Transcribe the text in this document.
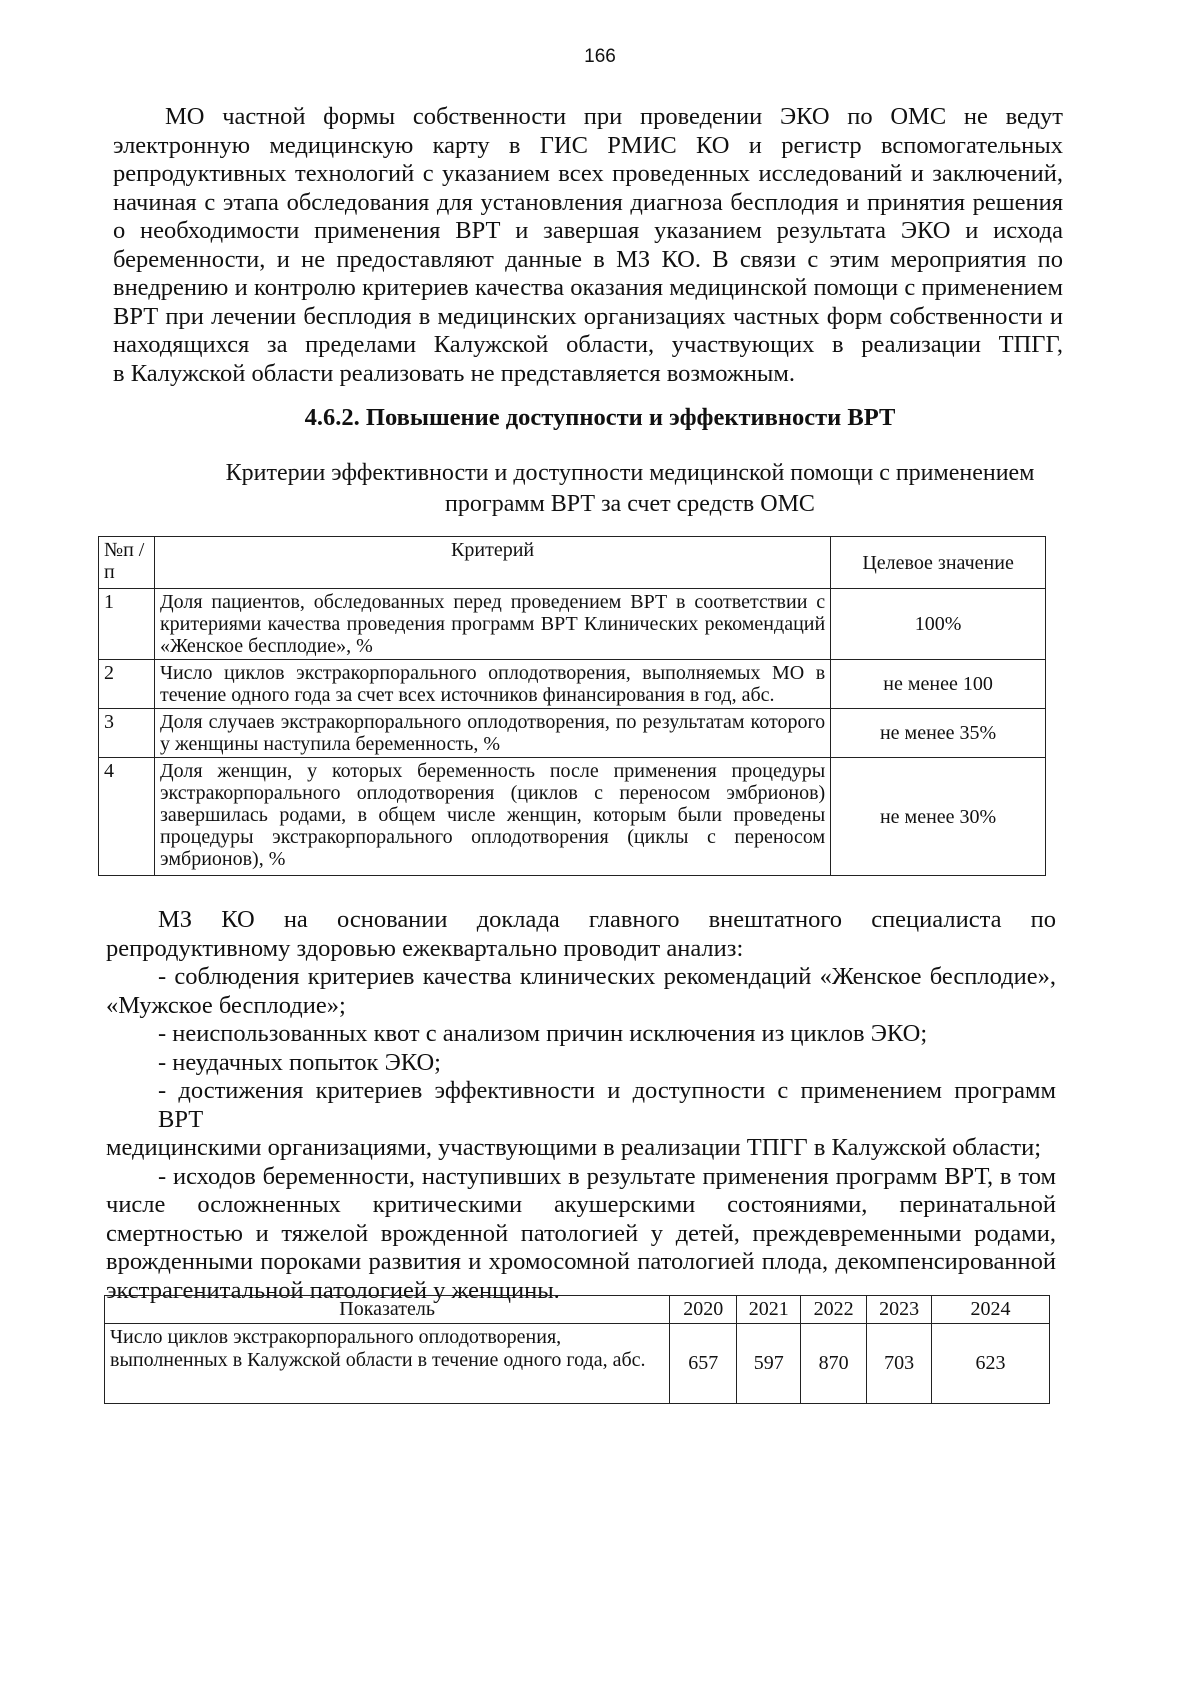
166
МО частной формы собственности при проведении ЭКО по ОМС не ведут
электронную медицинскую карту в ГИС РМИС КО и регистр вспомогательных
репродуктивных технологий с указанием всех проведенных исследований и заключений,
начиная с этапа обследования для установления диагноза бесплодия и принятия решения
о необходимости применения ВРТ и завершая указанием результата ЭКО и исхода
беременности, и не предоставляют данные в МЗ КО. В связи с этим мероприятия по
внедрению и контролю критериев качества оказания медицинской помощи с применением
ВРТ при лечении бесплодия в медицинских организациях частных форм собственности и
находящихся за пределами Калужской области, участвующих в реализации ТПГГ,
в Калужской области реализовать не представляется возможным.
4.6.2. Повышение доступности и эффективности ВРТ
Критерии эффективности и доступности медицинской помощи с применением
программ ВРТ за счет средств ОМС
№п /п	Критерий	Целевое значение
1	Доля пациентов, обследованных перед проведением ВРТ в соответствии с критериями качества проведения программ ВРТ Клинических рекомендаций «Женское бесплодие», %	100%
2	Число циклов экстракорпорального оплодотворения, выполняемых МО в течение одного года за счет всех источников финансирования в год, абс.	не менее 100
3	Доля случаев экстракорпорального оплодотворения, по результатам которого у женщины наступила беременность, %	не менее 35%
4	Доля женщин, у которых беременность после применения процедуры экстракорпорального оплодотворения (циклов с переносом эмбрионов) завершилась родами, в общем числе женщин, которым были проведены процедуры экстракорпорального оплодотворения (циклы с переносом эмбрионов), %	не менее 30%
МЗ КО на основании доклада главного внештатного специалиста по
репродуктивному здоровью ежеквартально проводит анализ:
- соблюдения критериев качества клинических рекомендаций «Женское бесплодие»,
«Мужское бесплодие»;
- неиспользованных квот с анализом причин исключения из циклов ЭКО;
- неудачных попыток ЭКО;
- достижения критериев эффективности и доступности с применением программ ВРТ
медицинскими организациями, участвующими в реализации ТПГГ в Калужской области;
- исходов беременности, наступивших в результате применения программ ВРТ, в том
числе осложненных критическими акушерскими состояниями, перинатальной смертностью и тяжелой врожденной патологией у детей, преждевременными родами, врожденными пороками развития и хромосомной патологией плода, декомпенсированной экстрагенитальной патологией у женщины.
Показатель	2020	2021	2022	2023	2024
Число циклов экстракорпорального оплодотворения, выполненных в Калужской области в течение одного года, абс.	657	597	870	703	623
